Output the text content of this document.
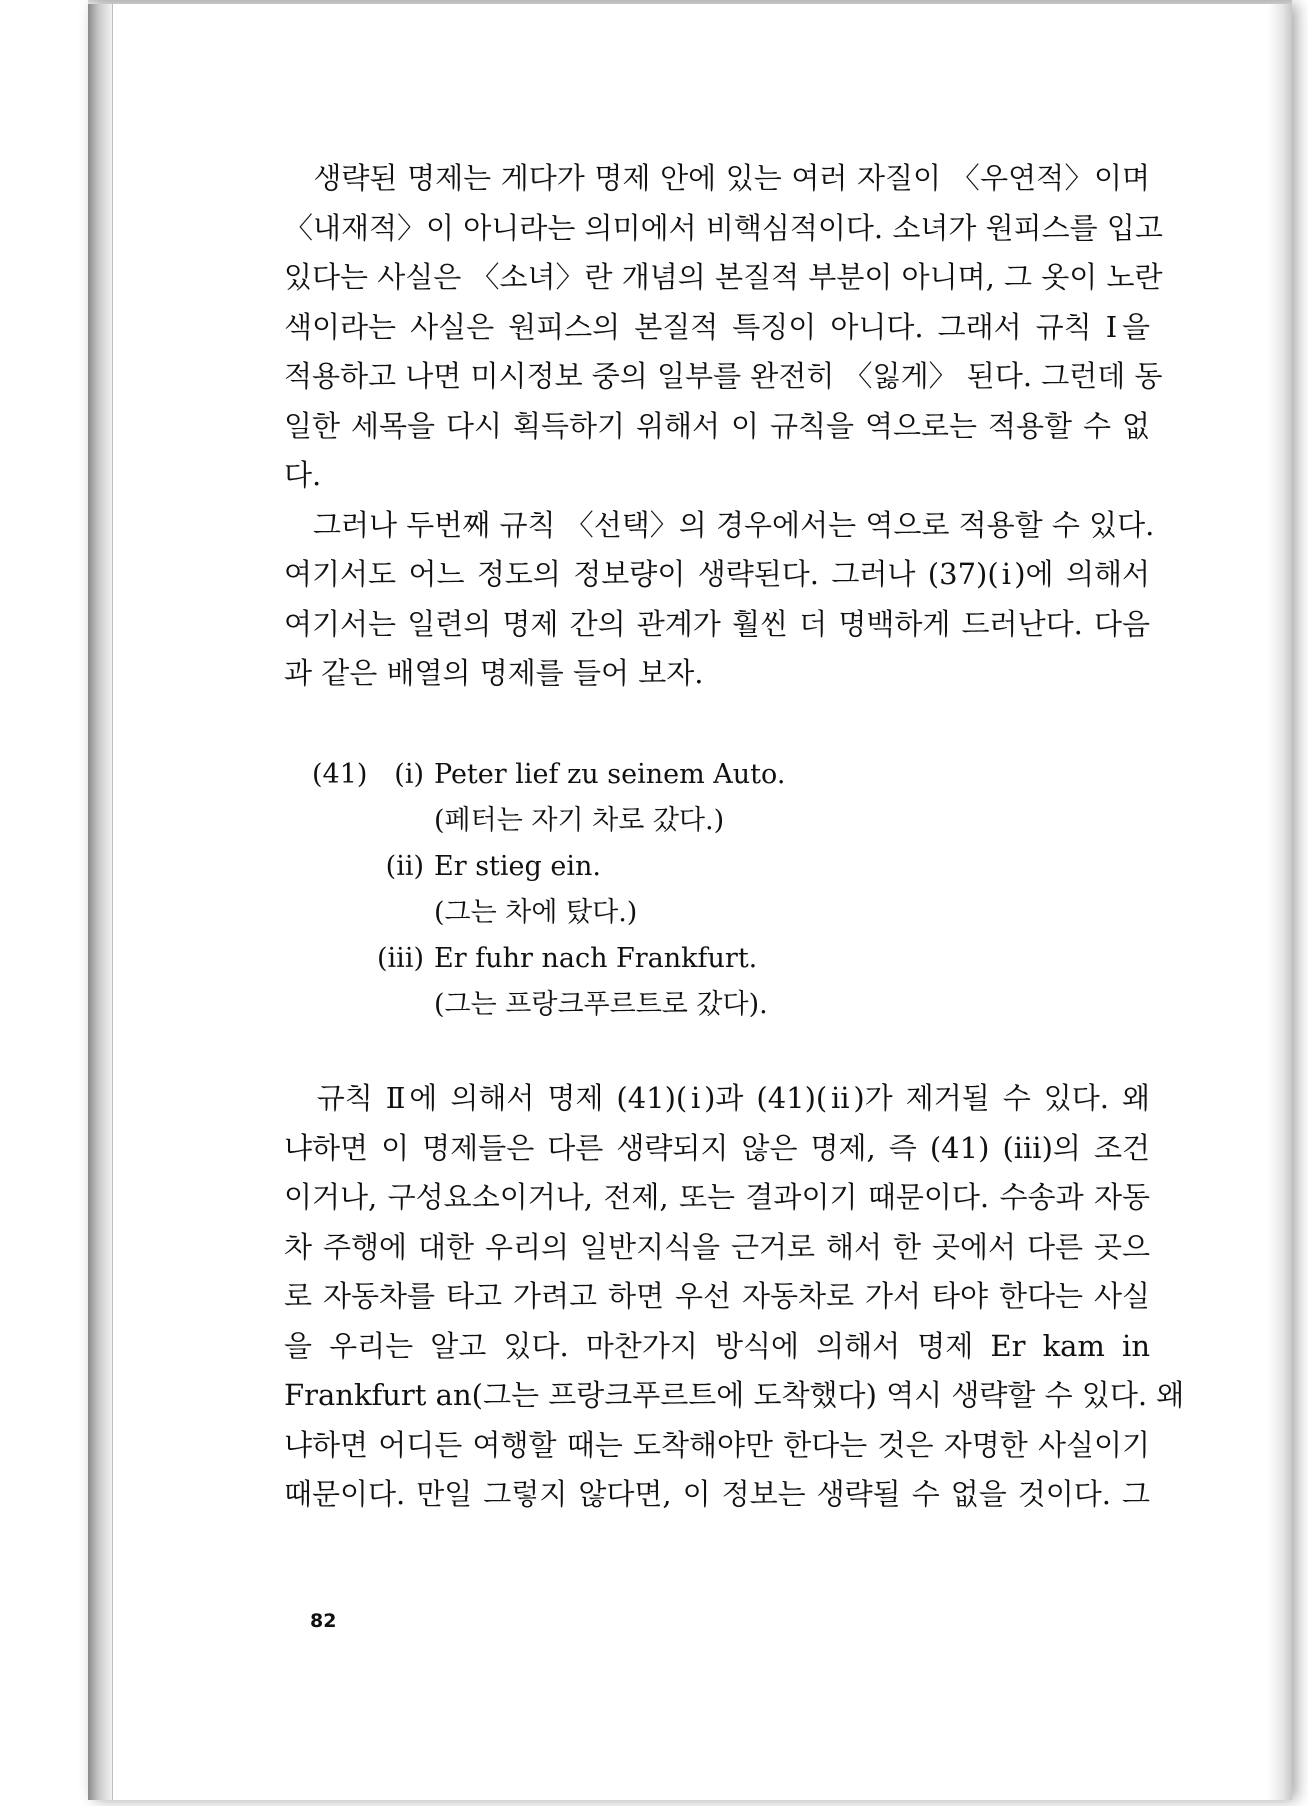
　생략된 명제는 게다가 명제 안에 있는 여러 자질이 〈우연적〉이며
〈내재적〉이 아니라는 의미에서 비핵심적이다. 소녀가 원피스를 입고
있다는 사실은 〈소녀〉란 개념의 본질적 부분이 아니며, 그 옷이 노란
색이라는 사실은 원피스의 본질적 특징이 아니다. 그래서 규칙 Ⅰ을
적용하고 나면 미시정보 중의 일부를 완전히 〈잃게〉 된다. 그런데 동
일한 세목을 다시 획득하기 위해서 이 규칙을 역으로는 적용할 수 없
다.
　그러나 두번째 규칙 〈선택〉의 경우에서는 역으로 적용할 수 있다.
여기서도 어느 정도의 정보량이 생략된다. 그러나 (37)(ⅰ)에 의해서
여기서는 일련의 명제 간의 관계가 훨씬 더 명백하게 드러난다. 다음
과 같은 배열의 명제를 들어 보자.
(41) (ⅰ) Peter lief zu seinem Auto.
(페터는 자기 차로 갔다.)
(ⅱ) Er stieg ein.
(그는 차에 탔다.)
(iii) Er fuhr nach Frankfurt.
(그는 프랑크푸르트로 갔다).
　규칙 Ⅱ에 의해서 명제 (41)(ⅰ)과 (41)(ⅱ)가 제거될 수 있다. 왜
냐하면 이 명제들은 다른 생략되지 않은 명제, 즉 (41) (iii)의 조건
이거나, 구성요소이거나, 전제, 또는 결과이기 때문이다. 수송과 자동
차 주행에 대한 우리의 일반지식을 근거로 해서 한 곳에서 다른 곳으
로 자동차를 타고 가려고 하면 우선 자동차로 가서 타야 한다는 사실
을 우리는 알고 있다. 마찬가지 방식에 의해서 명제 Er kam in
Frankfurt an(그는 프랑크푸르트에 도착했다) 역시 생략할 수 있다. 왜
냐하면 어디든 여행할 때는 도착해야만 한다는 것은 자명한 사실이기
때문이다. 만일 그렇지 않다면, 이 정보는 생략될 수 없을 것이다. 그
82
